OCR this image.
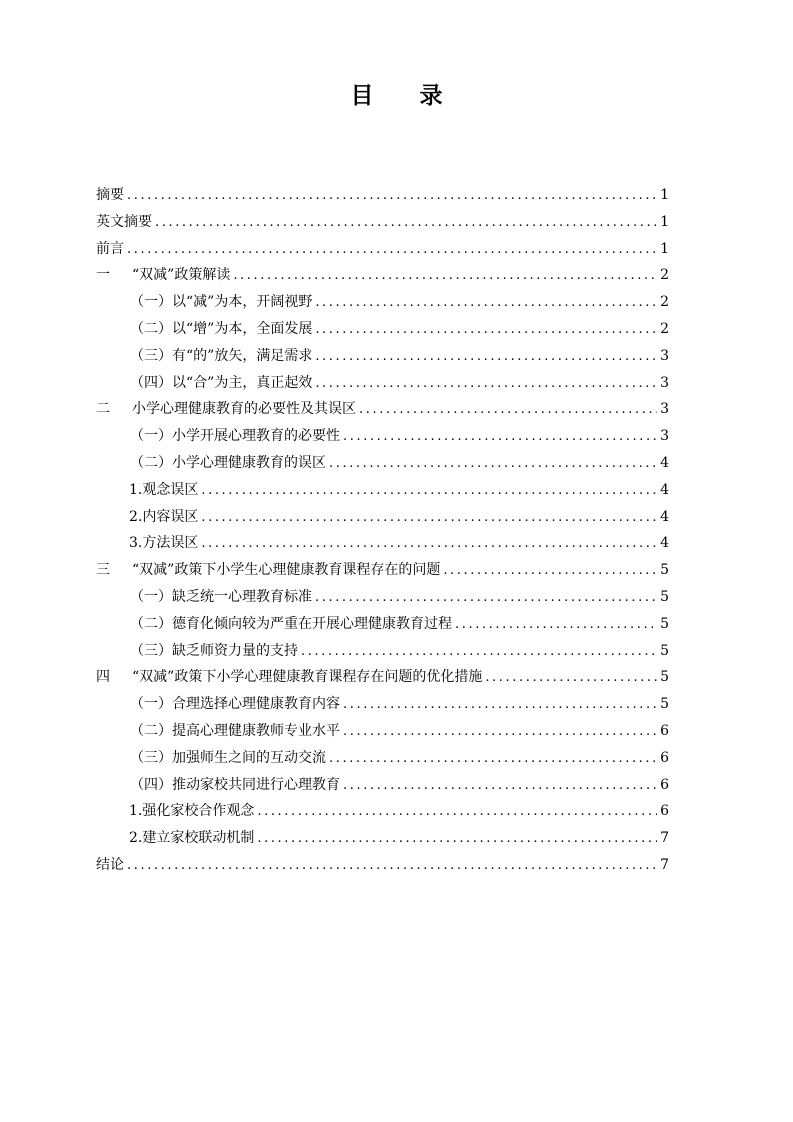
目录
摘要 .....	1
英文摘要 .....	1
前言 .....	1
一	“双减”政策解读 .....	2
（一）以“减”为本，开阔视野 .....	2
（二）以“增”为本，全面发展 .....	2
（三）有“的”放矢，满足需求 .....	3
（四）以“合”为主，真正起效 .....	3
二	小学心理健康教育的必要性及其误区 .....	3
（一）小学开展心理教育的必要性 .....	3
（二）小学心理健康教育的误区 .....	4
1.观念误区 .....	4
2.内容误区 .....	4
3.方法误区 .....	4
三	“双减”政策下小学生心理健康教育课程存在的问题 .....	5
（一）缺乏统一心理教育标准 .....	5
（二）德育化倾向较为严重在开展心理健康教育过程 .....	5
（三）缺乏师资力量的支持 .....	5
四	“双减”政策下小学心理健康教育课程存在问题的优化措施 .....	5
（一）合理选择心理健康教育内容 .....	5
（二）提高心理健康教师专业水平 .....	6
（三）加强师生之间的互动交流 .....	6
（四）推动家校共同进行心理教育 .....	6
1.强化家校合作观念 .....	6
2.建立家校联动机制 .....	7
结论 .....	7
